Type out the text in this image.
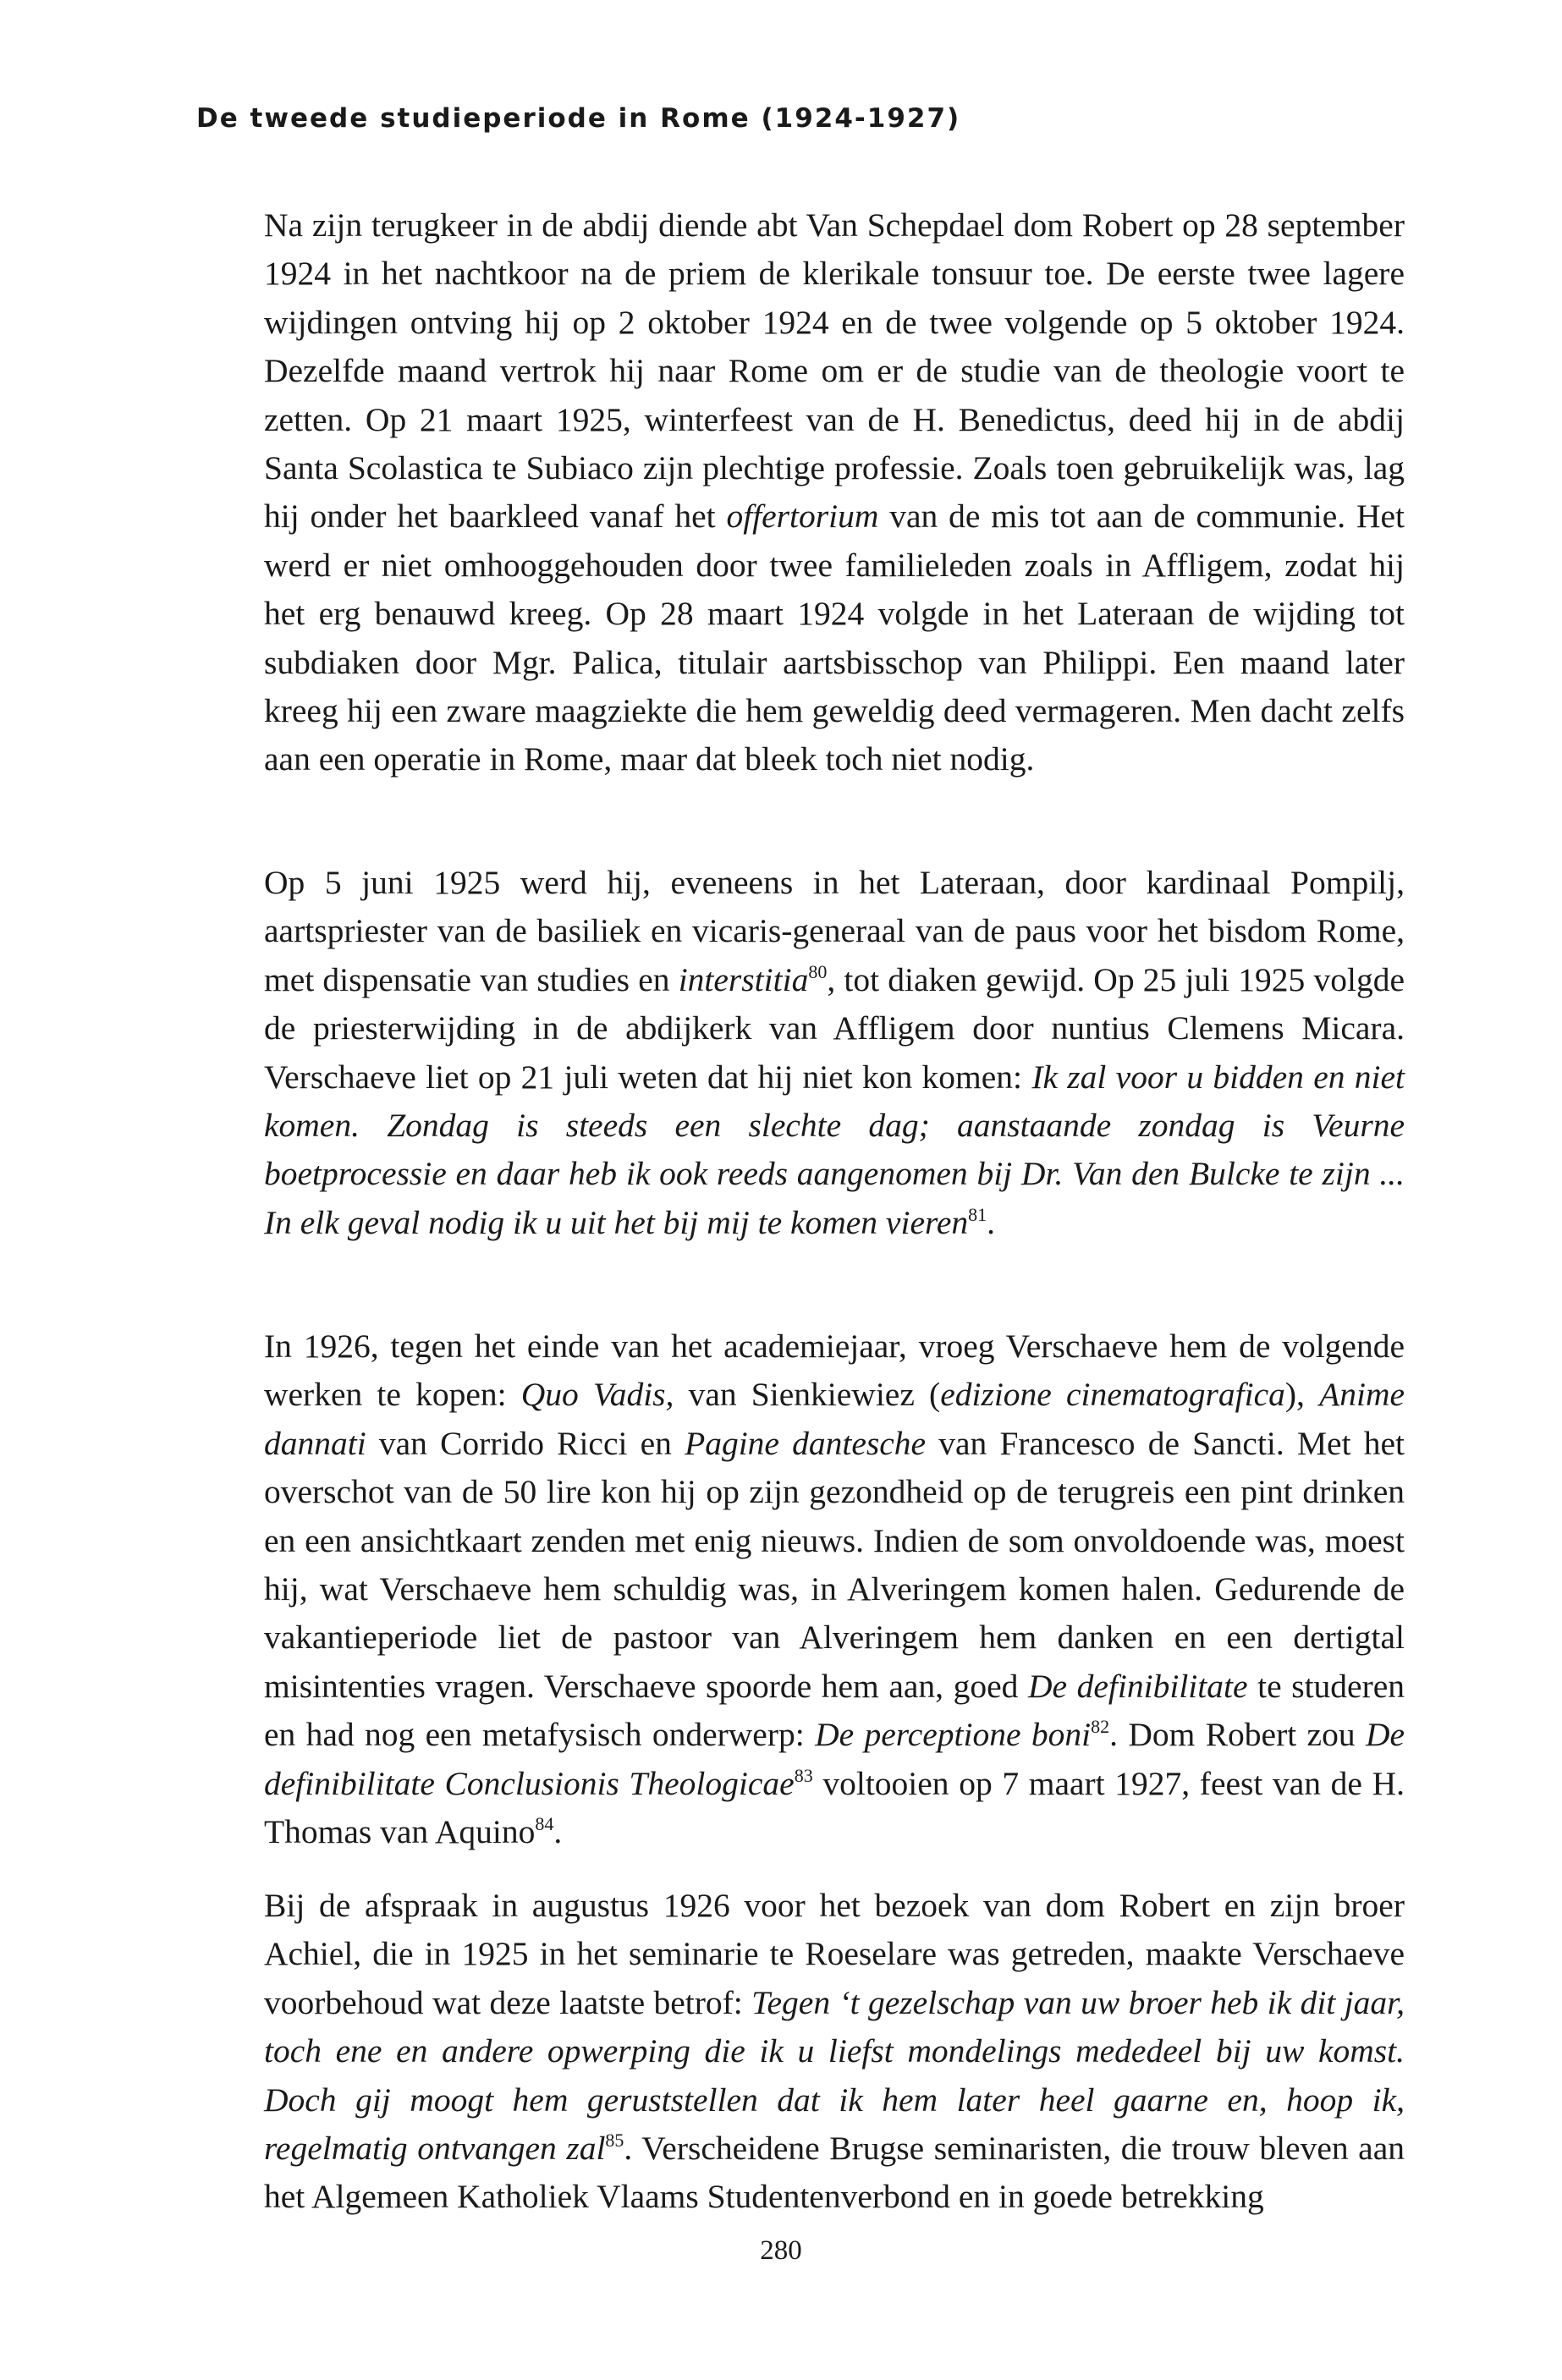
De tweede studieperiode in Rome (1924-1927)

Na zijn terugkeer in de abdij diende abt Van Schepdael dom Robert op 28 september 1924 in het nachtkoor na de priem de klerikale tonsuur toe. De eerste twee lagere wijdingen ontving hij op 2 oktober 1924 en de twee volgende op 5 oktober 1924. Dezelfde maand vertrok hij naar Rome om er de studie van de theologie voort te zetten. Op 21 maart 1925, winterfeest van de H. Benedictus, deed hij in de abdij Santa Scolastica te Subiaco zijn plechtige professie. Zoals toen gebruikelijk was, lag hij onder het baarkleed vanaf het offertorium van de mis tot aan de communie. Het werd er niet omhooggehouden door twee familieleden zoals in Affligem, zodat hij het erg benauwd kreeg. Op 28 maart 1924 volgde in het Lateraan de wijding tot subdiaken door Mgr. Palica, titulair aartsbisschop van Philippi. Een maand later kreeg hij een zware maagziekte die hem geweldig deed vermageren. Men dacht zelfs aan een operatie in Rome, maar dat bleek toch niet nodig.

Op 5 juni 1925 werd hij, eveneens in het Lateraan, door kardinaal Pompilj, aartspriester van de basiliek en vicaris-generaal van de paus voor het bisdom Rome, met dispensatie van studies en interstitia$^{80}$, tot diaken gewijd. Op 25 juli 1925 volgde de priesterwijding in de abdijkerk van Affligem door nuntius Clemens Micara. Verschaeve liet op 21 juli weten dat hij niet kon komen: Ik zal voor u bidden en niet komen. Zondag is steeds een slechte dag; aanstaande zondag is Veurne boetprocessie en daar heb ik ook reeds aangenomen bij Dr. Van den Bulcke te zijn ... In elk geval nodig ik u uit het bij mij te komen vieren$^{81}$.

In 1926, tegen het einde van het academiejaar, vroeg Verschaeve hem de volgende werken te kopen: Quo Vadis, van Sienkiewiez (edizione cinematografica), Anime dannati van Corrido Ricci en Pagine dantesche van Francesco de Sancti. Met het overschot van de 50 lire kon hij op zijn gezondheid op de terugreis een pint drinken en een ansichtkaart zenden met enig nieuws. Indien de som onvoldoende was, moest hij, wat Verschaeve hem schuldig was, in Alveringem komen halen. Gedurende de vakantieperiode liet de pastoor van Alveringem hem danken en een dertigtal misintenties vragen. Verschaeve spoorde hem aan, goed De definibilitate te studeren en had nog een metafysisch onderwerp: De perceptione boni$^{82}$. Dom Robert zou De definibilitate Conclusionis Theologicae$^{83}$ voltooien op 7 maart 1927, feest van de H. Thomas van Aquino$^{84}$.

Bij de afspraak in augustus 1926 voor het bezoek van dom Robert en zijn broer Achiel, die in 1925 in het seminarie te Roeselare was getreden, maakte Verschaeve voorbehoud wat deze laatste betrof: Tegen ‘t gezelschap van uw broer heb ik dit jaar, toch ene en andere opwerping die ik u liefst mondelings mededeel bij uw komst. Doch gij moogt hem geruststellen dat ik hem later heel gaarne en, hoop ik, regelmatig ontvangen zal$^{85}$. Verscheidene Brugse seminaristen, die trouw bleven aan het Algemeen Katholiek Vlaams Studentenverbond en in goede betrekking

280
